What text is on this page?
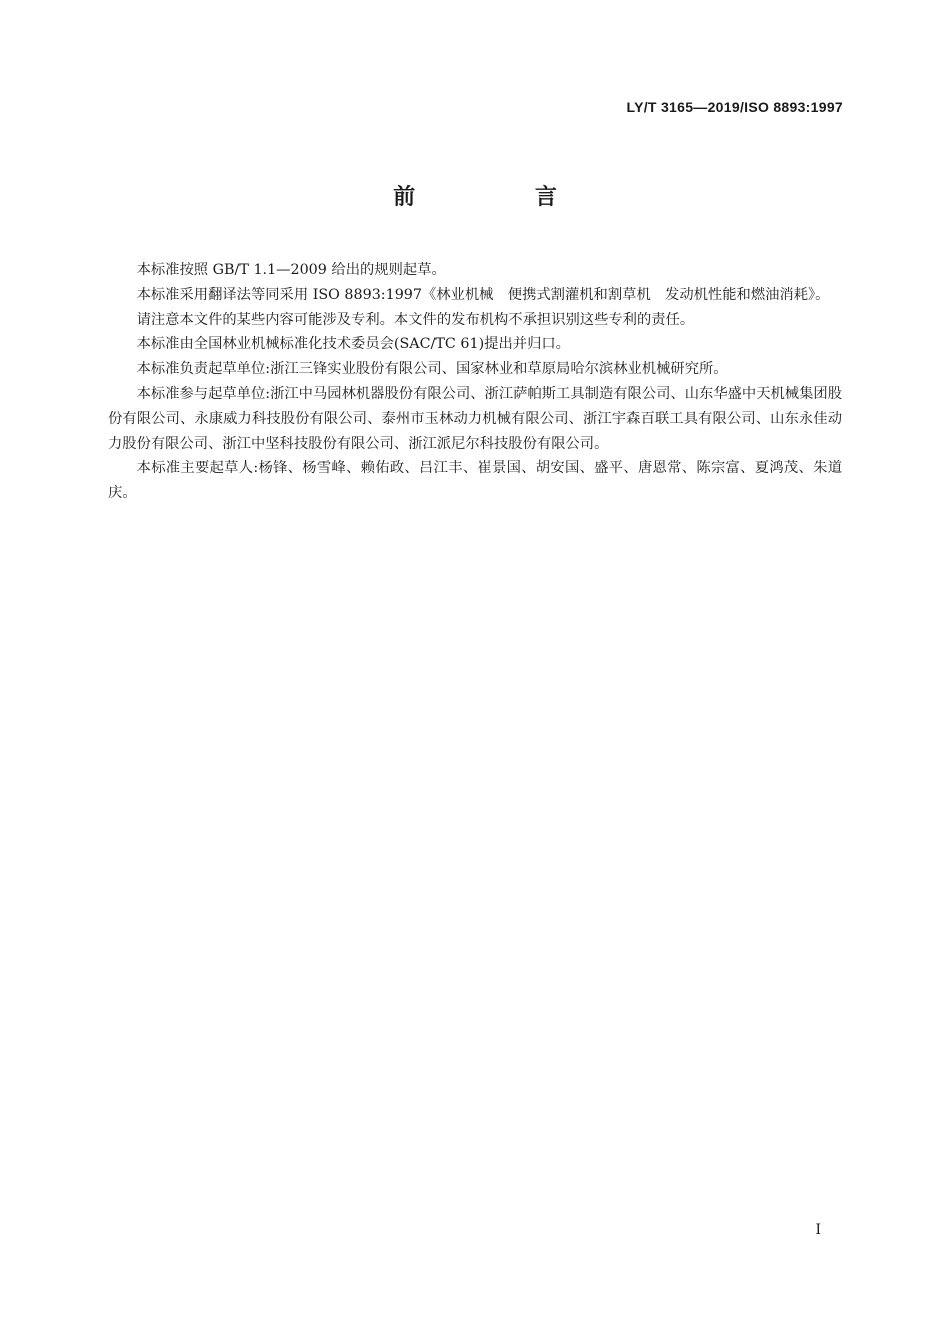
LY/T 3165—2019/ISO 8893:1997
前 言

本标准按照 GB/T 1.1—2009 给出的规则起草。

本标准采用翻译法等同采用 ISO 8893:1997《林业机械　便携式割灌机和割草机　发动机性能和燃油消耗》。

请注意本文件的某些内容可能涉及专利。本文件的发布机构不承担识别这些专利的责任。

本标准由全国林业机械标准化技术委员会(SAC/TC 61)提出并归口。

本标准负责起草单位:浙江三锋实业股份有限公司、国家林业和草原局哈尔滨林业机械研究所。

本标准参与起草单位:浙江中马园林机器股份有限公司、浙江萨帕斯工具制造有限公司、山东华盛中天机械集团股份有限公司、永康威力科技股份有限公司、泰州市玉林动力机械有限公司、浙江宇森百联工具有限公司、山东永佳动力股份有限公司、浙江中坚科技股份有限公司、浙江派尼尔科技股份有限公司。

本标准主要起草人:杨锋、杨雪峰、赖佑政、吕江丰、崔景国、胡安国、盛平、唐恩常、陈宗富、夏鸿茂、朱道庆。

I
